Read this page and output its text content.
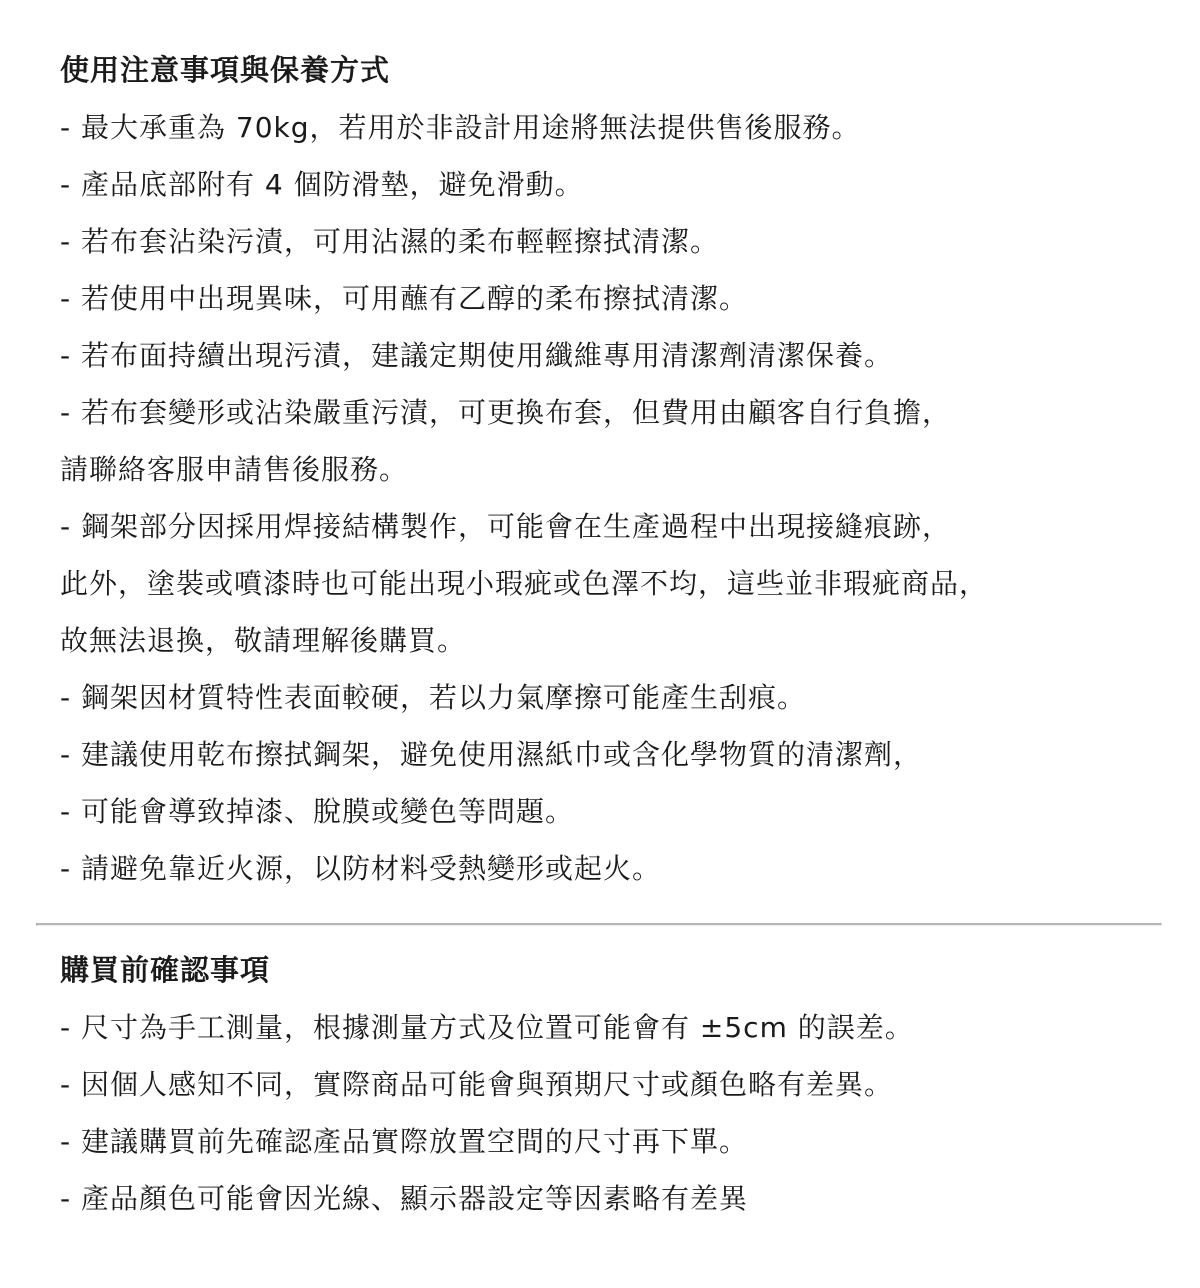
使用注意事項與保養方式
- 最大承重為 70kg，若用於非設計用途將無法提供售後服務。
- 產品底部附有 4 個防滑墊，避免滑動。
- 若布套沾染污漬，可用沾濕的柔布輕輕擦拭清潔。
- 若使用中出現異味，可用蘸有乙醇的柔布擦拭清潔。
- 若布面持續出現污漬，建議定期使用纖維專用清潔劑清潔保養。
- 若布套變形或沾染嚴重污漬，可更換布套，但費用由顧客自行負擔，
請聯絡客服申請售後服務。
- 鋼架部分因採用焊接結構製作，可能會在生產過程中出現接縫痕跡，
此外，塗裝或噴漆時也可能出現小瑕疵或色澤不均，這些並非瑕疵商品，
故無法退換，敬請理解後購買。
- 鋼架因材質特性表面較硬，若以力氣摩擦可能產生刮痕。
- 建議使用乾布擦拭鋼架，避免使用濕紙巾或含化學物質的清潔劑，
- 可能會導致掉漆、脫膜或變色等問題。
- 請避免靠近火源，以防材料受熱變形或起火。
購買前確認事項
- 尺寸為手工測量，根據測量方式及位置可能會有 ±5cm 的誤差。
- 因個人感知不同，實際商品可能會與預期尺寸或顏色略有差異。
- 建議購買前先確認產品實際放置空間的尺寸再下單。
- 產品顏色可能會因光線、顯示器設定等因素略有差異
